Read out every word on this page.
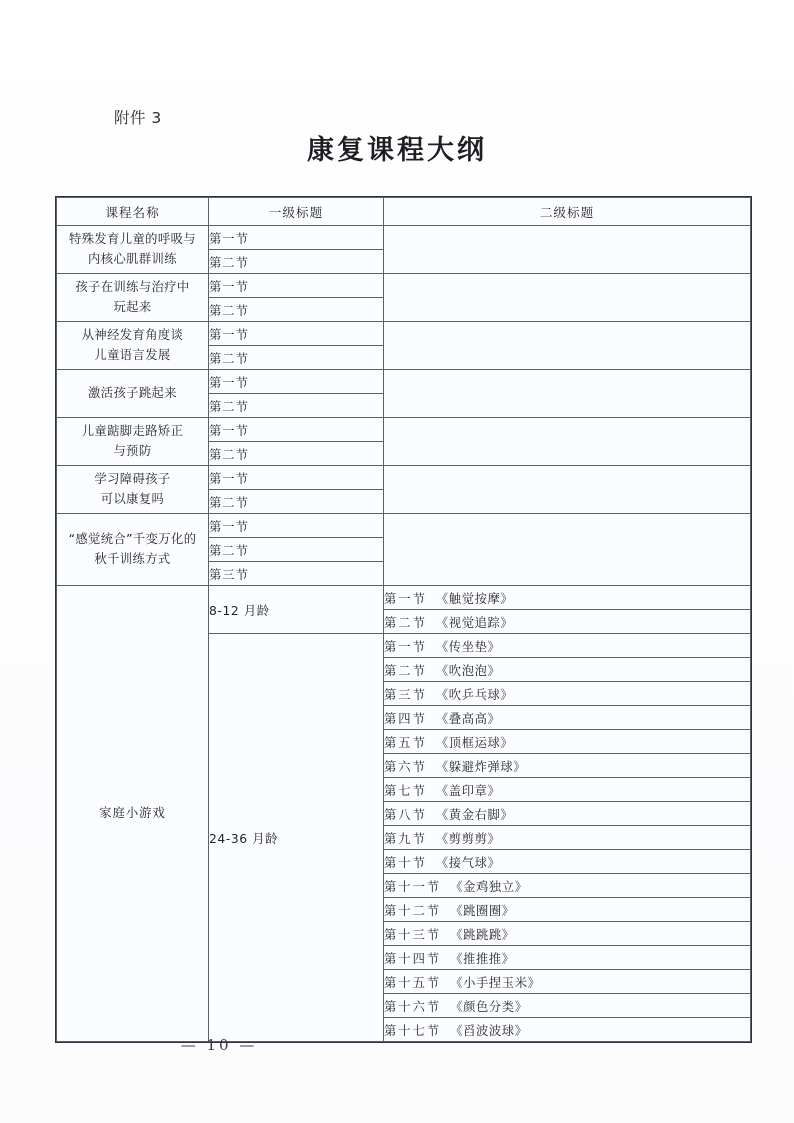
附件 3
康复课程大纲
课程名称	一级标题	二级标题

特殊发育儿童的呼吸与
内核心肌群训练	第一节	
	第二节	

孩子在训练与治疗中
玩起来	第一节	
	第二节	

从神经发育角度谈
儿童语言发展	第一节	
	第二节	

激活孩子跳起来	第一节	
	第二节	

儿童踮脚走路矫正
与预防	第一节	
	第二节	

学习障碍孩子
可以康复吗	第一节	
	第二节	

“感觉统合”千变万化的
秋千训练方式	第一节	
	第二节	
	第三节	
家庭小游戏	8-12 月龄	第一节 《触觉按摩》
		第二节 《视觉追踪》
	24-36 月龄	第一节 《传坐垫》
		第二节 《吹泡泡》
		第三节 《吹乒乓球》
		第四节 《叠高高》
		第五节 《顶框运球》
		第六节 《躲避炸弹球》
		第七节 《盖印章》
		第八节 《黄金右脚》
		第九节 《剪剪剪》
		第十节 《接气球》
		第十一节 《金鸡独立》
		第十二节 《跳圈圈》
		第十三节 《跳跳跳》
		第十四节 《推推推》
		第十五节 《小手捏玉米》
		第十六节 《颜色分类》
		第十七节 《舀波波球》
— 10 —
